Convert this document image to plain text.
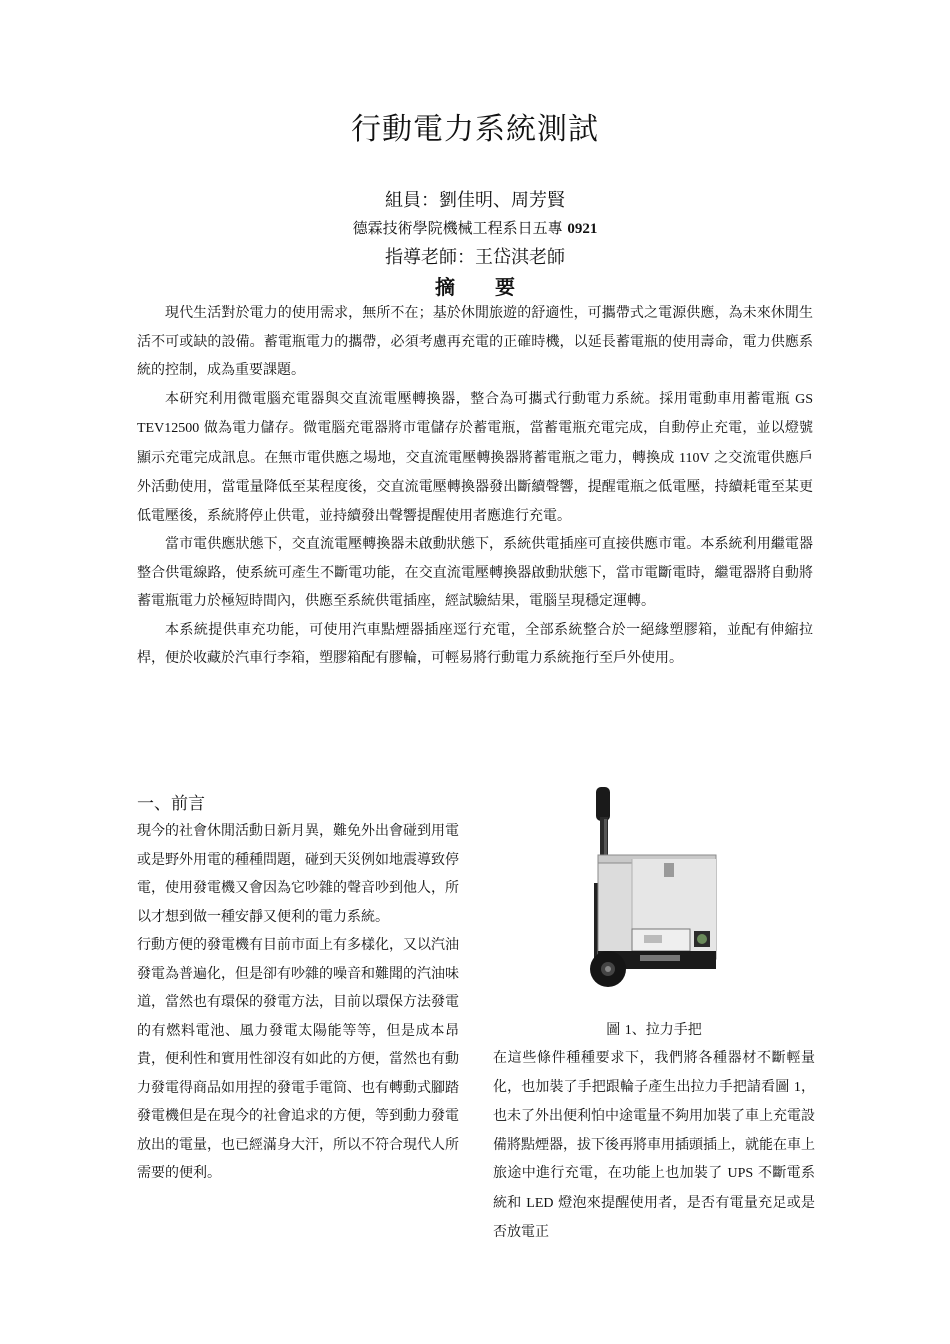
行動電力系統測試
組員：劉佳明、周芳賢
德霖技術學院機械工程系日五專 0921
指導老師：王岱淇老師
摘 要

現代生活對於電力的使用需求，無所不在；基於休閒旅遊的舒適性，可攜帶式之電源供應，為未來休閒生活不可或缺的設備。蓄電瓶電力的攜帶，必須考慮再充電的正確時機，以延長蓄電瓶的使用壽命，電力供應系統的控制，成為重要課題。

本研究利用微電腦充電器與交直流電壓轉換器，整合為可攜式行動電力系統。採用電動車用蓄電瓶 GS TEV12500 做為電力儲存。微電腦充電器將市電儲存於蓄電瓶，當蓄電瓶充電完成，自動停止充電，並以燈號顯示充電完成訊息。在無市電供應之場地，交直流電壓轉換器將蓄電瓶之電力，轉換成 110V 之交流電供應戶外活動使用，當電量降低至某程度後，交直流電壓轉換器發出斷續聲響，提醒電瓶之低電壓，持續耗電至某更低電壓後，系統將停止供電，並持續發出聲響提醒使用者應進行充電。

當市電供應狀態下，交直流電壓轉換器未啟動狀態下，系統供電插座可直接供應市電。本系統利用繼電器整合供電線路，使系統可產生不斷電功能，在交直流電壓轉換器啟動狀態下，當市電斷電時，繼電器將自動將蓄電瓶電力於極短時間內，供應至系統供電插座，經試驗結果，電腦呈現穩定運轉。

本系統提供車充功能，可使用汽車點煙器插座逕行充電，全部系統整合於一絕緣塑膠箱，並配有伸縮拉桿，便於收藏於汽車行李箱，塑膠箱配有膠輪，可輕易將行動電力系統拖行至戶外使用。

一、前言

現今的社會休閒活動日新月異，難免外出會碰到用電或是野外用電的種種問題，碰到天災例如地震導致停電，使用發電機又會因為它吵雜的聲音吵到他人，所以才想到做一種安靜又便利的電力系統。

行動方便的發電機有目前市面上有多樣化，又以汽油發電為普遍化，但是卻有吵雜的噪音和難聞的汽油味道，當然也有環保的發電方法，目前以環保方法發電的有燃料電池、風力發電太陽能等等，但是成本昂貴，便利性和實用性卻沒有如此的方便，當然也有動力發電得商品如用捏的發電手電筒、也有轉動式腳踏發電機但是在現今的社會追求的方便，等到動力發電放出的電量，也已經滿身大汗，所以不符合現代人所需要的便利。

圖 1、拉力手把

在這些條件種種要求下，我們將各種器材不斷輕量化，也加裝了手把跟輪子產生出拉力手把請看圖 1，也未了外出便利怕中途電量不夠用加裝了車上充電設備將點煙器，拔下後再將車用插頭插上，就能在車上旅途中進行充電，在功能上也加裝了 UPS 不斷電系統和 LED 燈泡來提醒使用者，是否有電量充足或是否放電正
